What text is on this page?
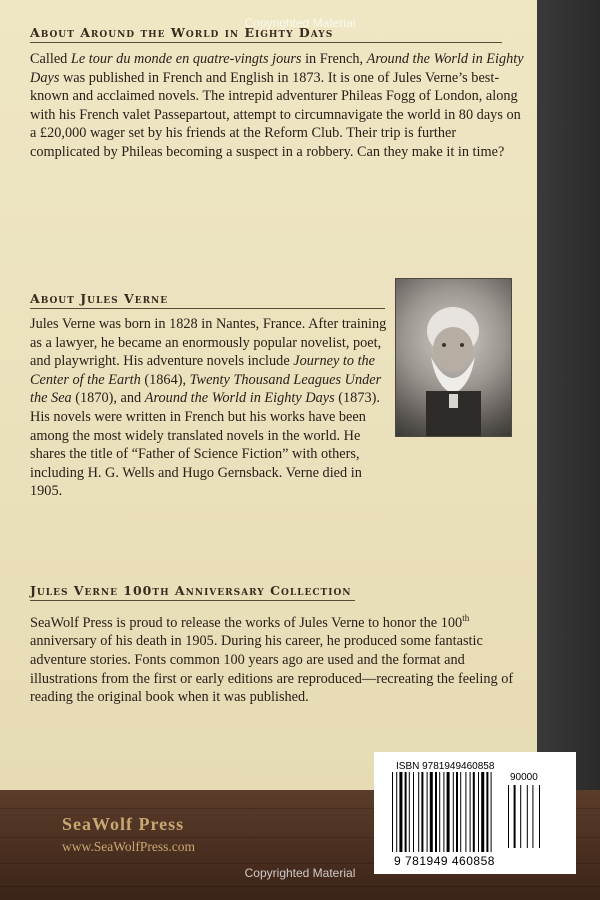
Copyrighted Material
About Around the World in Eighty Days
Called Le tour du monde en quatre-vingts jours in French, Around the World in Eighty Days was published in French and English in 1873. It is one of Jules Verne’s best-known and acclaimed novels. The intrepid adventurer Phileas Fogg of London, along with his French valet Passepartout, attempt to circumnavigate the world in 80 days on a £20,000 wager set by his friends at the Reform Club. Their trip is further complicated by Phileas becoming a suspect in a robbery. Can they make it in time?
About Jules Verne
Jules Verne was born in 1828 in Nantes, France. After training as a lawyer, he became an enormously popular novelist, poet, and playwright. His adventure novels include Journey to the Center of the Earth (1864), Twenty Thousand Leagues Under the Sea (1870), and Around the World in Eighty Days (1873). His novels were written in French but his works have been among the most widely translated novels in the world. He shares the title of “Father of Science Fiction” with others, including H. G. Wells and Hugo Gernsback. Verne died in 1905.
Jules Verne 100th Anniversary Collection
SeaWolf Press is proud to release the works of Jules Verne to honor the 100th anniversary of his death in 1905. During his career, he produced some fantastic adventure stories. Fonts common 100 years ago are used and the format and illustrations from the first or early editions are reproduced—recreating the feeling of reading the original book when it was published.
SeaWolf Press
www.SeaWolfPress.com
Copyrighted Material
ISBN 9781949460858
90000
9 781949 460858
